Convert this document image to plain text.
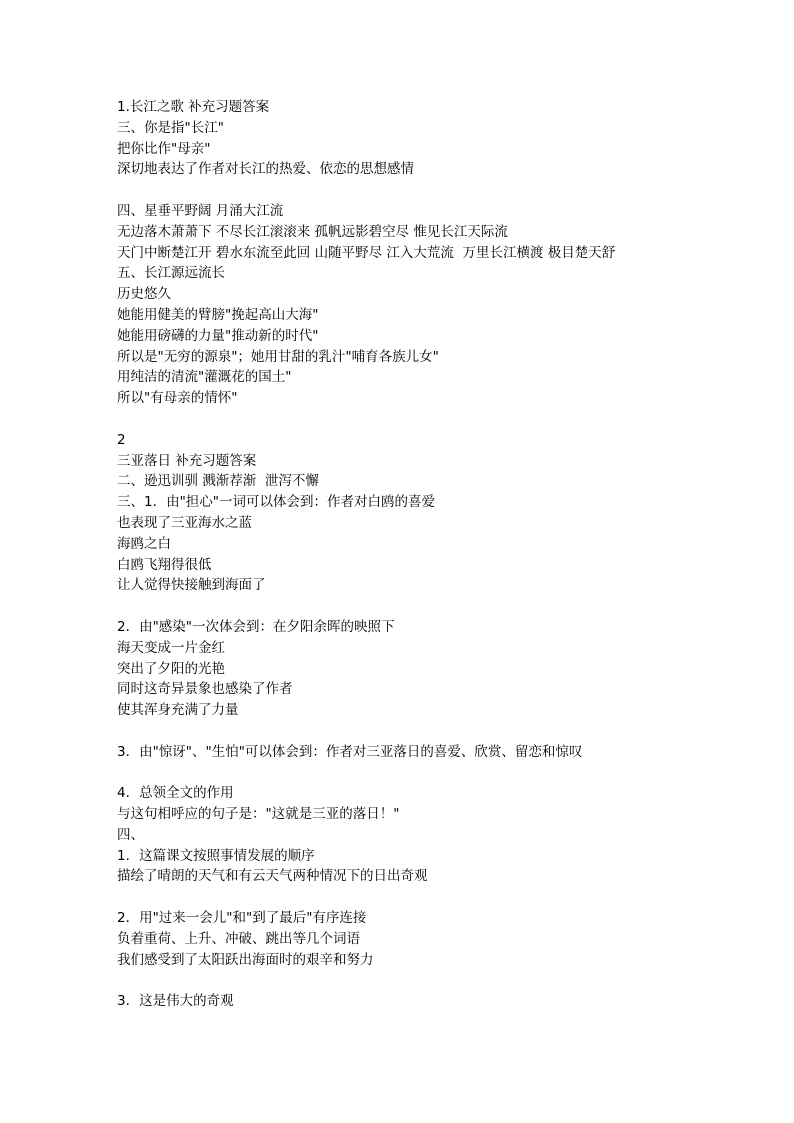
1.长江之歌 补充习题答案
三、你是指"长江"
把你比作"母亲"
深切地表达了作者对长江的热爱、依恋的思想感情
四、星垂平野阔 月涌大江流
无边落木萧萧下 不尽长江滚滚来 孤帆远影碧空尽 惟见长江天际流
天门中断楚江开 碧水东流至此回 山随平野尽 江入大荒流  万里长江横渡 极目楚天舒
五、长江源远流长
历史悠久
她能用健美的臂膀"挽起高山大海"
她能用磅礴的力量"推动新的时代"
所以是"无穷的源泉"；她用甘甜的乳汁"哺育各族儿女"
用纯洁的清流"灌溉花的国土"
所以"有母亲的情怀"
2
三亚落日 补充习题答案
二、逊迅训驯 溅渐荐渐  泄泻不懈
三、1．由"担心"一词可以体会到：作者对白鸥的喜爱
也表现了三亚海水之蓝
海鸥之白
白鸥飞翔得很低
让人觉得快接触到海面了
2．由"感染"一次体会到：在夕阳余晖的映照下
海天变成一片金红
突出了夕阳的光艳
同时这奇异景象也感染了作者
使其浑身充满了力量
3．由"惊讶"、"生怕"可以体会到：作者对三亚落日的喜爱、欣赏、留恋和惊叹
4．总领全文的作用
与这句相呼应的句子是："这就是三亚的落日！"
四、
1．这篇课文按照事情发展的顺序
描绘了晴朗的天气和有云天气两种情况下的日出奇观
2．用"过来一会儿"和"到了最后"有序连接
负着重荷、上升、冲破、跳出等几个词语
我们感受到了太阳跃出海面时的艰辛和努力
3．这是伟大的奇观
